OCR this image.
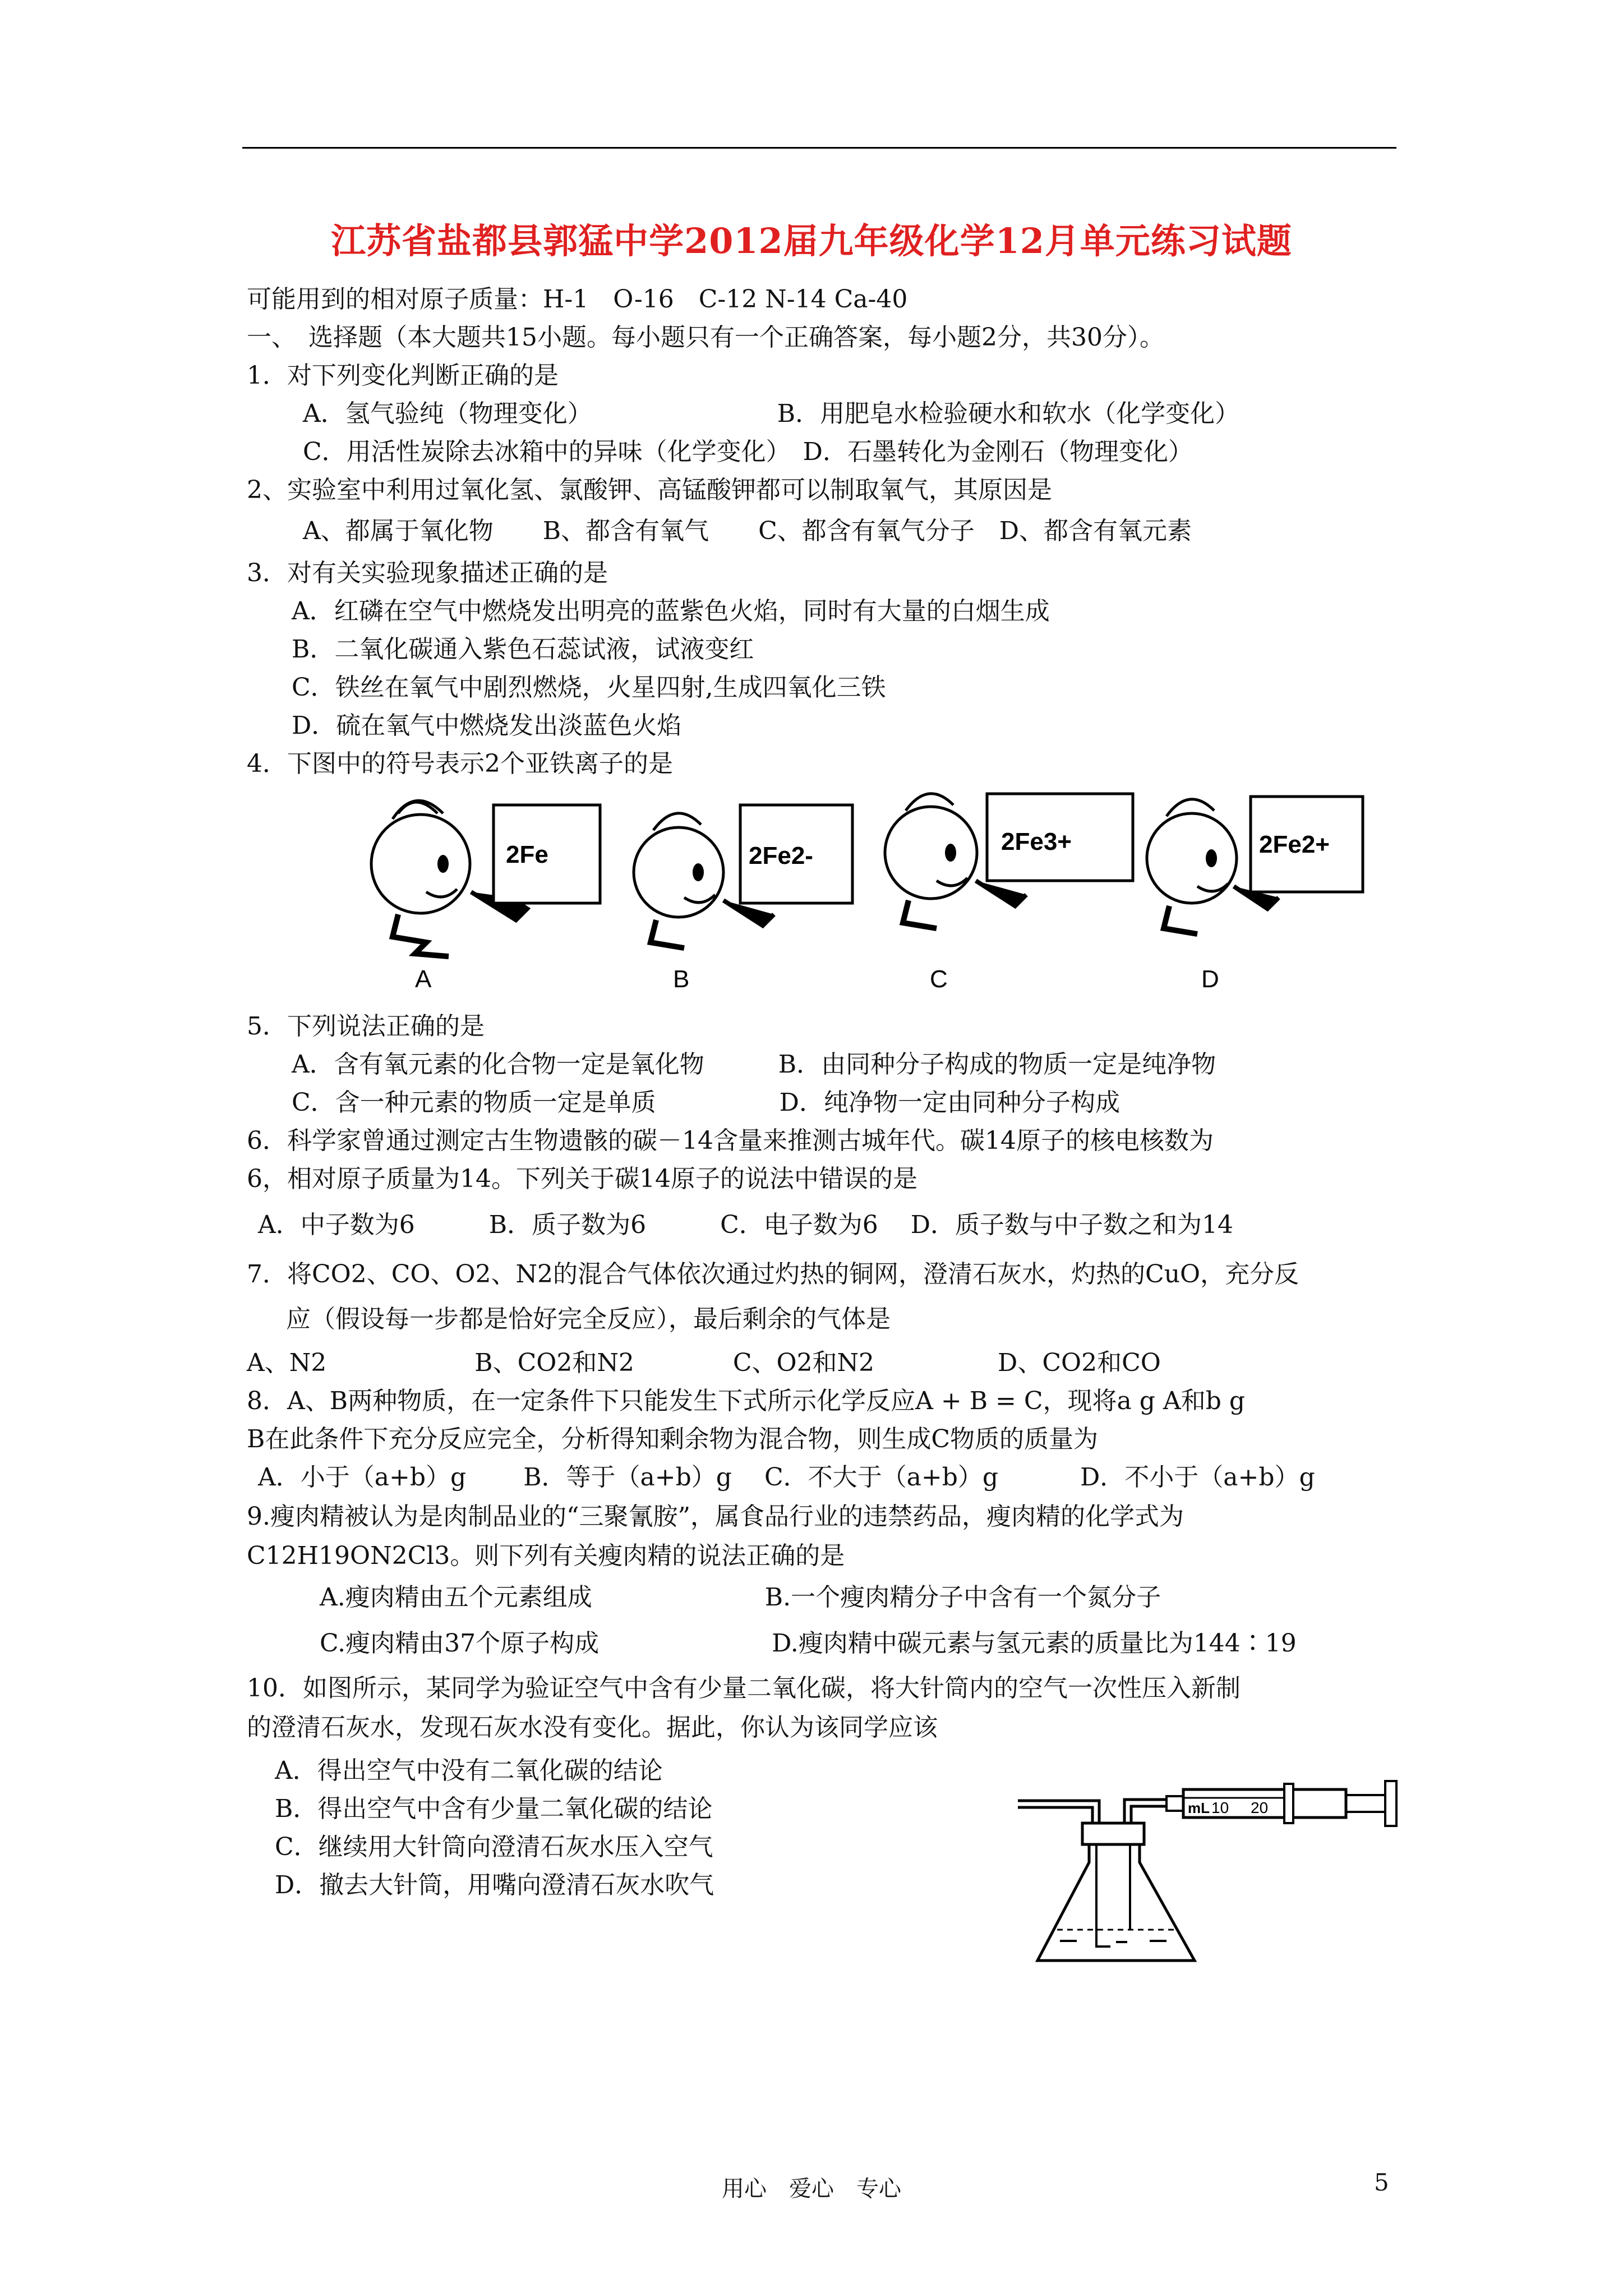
江苏省盐都县郭猛中学2012届九年级化学12月单元练习试题
可能用到的相对原子质量：H-1　O-16　C-12 N-14 Ca-40
一、　选择题（本大题共15小题。每小题只有一个正确答案，每小题2分，共30分）。
1．对下列变化判断正确的是
A．氢气验纯（物理变化）　　　　　　　　B．用肥皂水检验硬水和软水（化学变化）
C．用活性炭除去冰箱中的异味（化学变化）　D．石墨转化为金刚石（物理变化）
2、实验室中利用过氧化氢、氯酸钾、高锰酸钾都可以制取氧气，其原因是
A、都属于氧化物　　B、都含有氧气　　C、都含有氧气分子　D、都含有氧元素
3．对有关实验现象描述正确的是
A．红磷在空气中燃烧发出明亮的蓝紫色火焰，同时有大量的白烟生成
B．二氧化碳通入紫色石蕊试液，试液变红
C．铁丝在氧气中剧烈燃烧，火星四射,生成四氧化三铁
D．硫在氧气中燃烧发出淡蓝色火焰
4．下图中的符号表示2个亚铁离子的是
2Fe
A
2Fe2-
B
2Fe3+
C
2Fe2+
D
5．下列说法正确的是
A．含有氧元素的化合物一定是氧化物　　　B．由同种分子构成的物质一定是纯净物
C．含一种元素的物质一定是单质　　　　　D．纯净物一定由同种分子构成
6．科学家曾通过测定古生物遗骸的碳－14含量来推测古城年代。碳14原子的核电核数为
6，相对原子质量为14。下列关于碳14原子的说法中错误的是
A．中子数为6　　　B．质子数为6　　　C．电子数为6　 D．质子数与中子数之和为14
7．将CO2、CO、O2、N2的混合气体依次通过灼热的铜网，澄清石灰水，灼热的CuO，充分反
应（假设每一步都是恰好完全反应），最后剩余的气体是
A、N2　　　　　　B、CO2和N2　　　　C、O2和N2　　　　　D、CO2和CO
8．A、B两种物质，在一定条件下只能发生下式所示化学反应A + B = C，现将a g A和b g
B在此条件下充分反应完全，分析得知剩余物为混合物，则生成C物质的质量为
A．小于（a+b）g　　 B．等于（a+b）g　 C．不大于（a+b）g　　　 D．不小于（a+b）g
9.瘦肉精被认为是肉制品业的“三聚氰胺”，属食品行业的违禁药品，瘦肉精的化学式为
C12H19ON2Cl3。则下列有关瘦肉精的说法正确的是
A.瘦肉精由五个元素组成　　　　　　　B.一个瘦肉精分子中含有一个氮分子
C.瘦肉精由37个原子构成　　　　　　　D.瘦肉精中碳元素与氢元素的质量比为144∶19
10．如图所示，某同学为验证空气中含有少量二氧化碳，将大针筒内的空气一次性压入新制
的澄清石灰水，发现石灰水没有变化。据此，你认为该同学应该
A．得出空气中没有二氧化碳的结论
B．得出空气中含有少量二氧化碳的结论
C．继续用大针筒向澄清石灰水压入空气
D．撤去大针筒，用嘴向澄清石灰水吹气
mL 10 20
用心　爱心　专心	5
